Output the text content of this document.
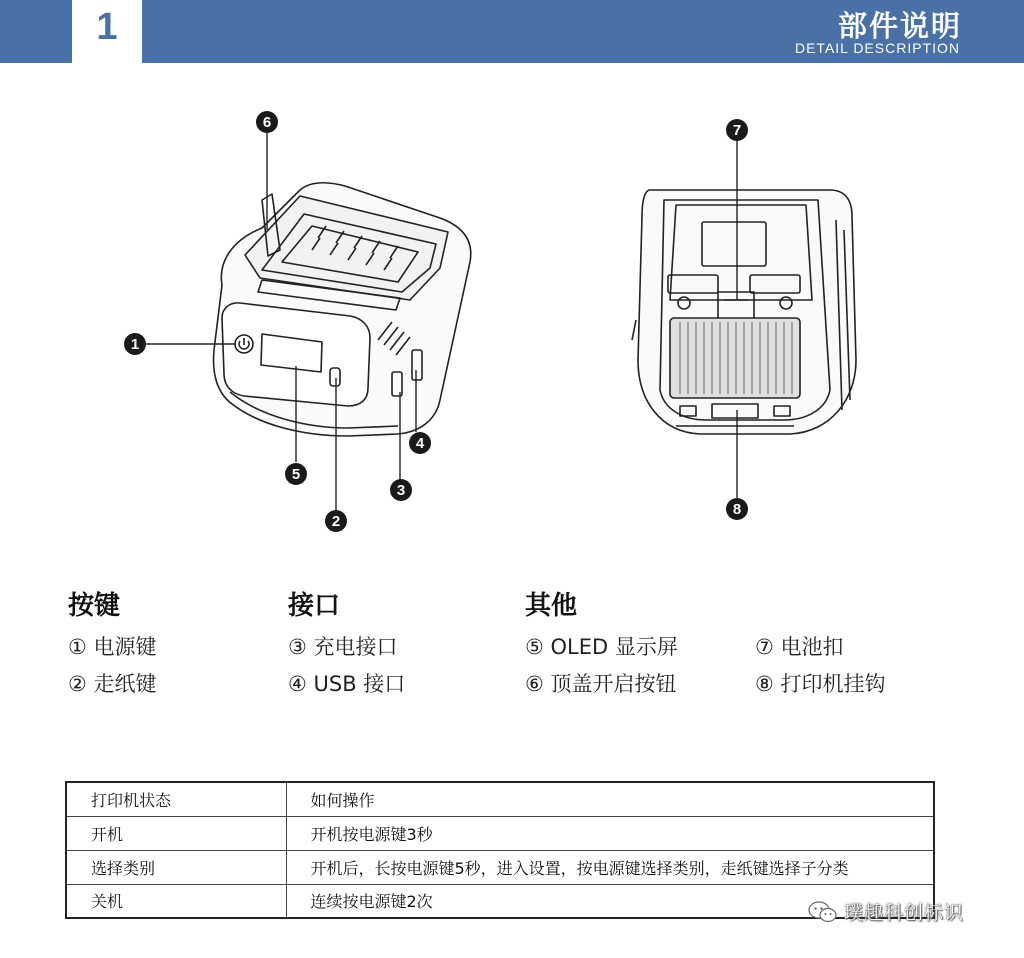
1	部件说明
DETAIL DESCRIPTION
1
2
3
4
5
6	7
8
按键
① 电源键
② 走纸键
接口
③ 充电接口
④ USB 接口
其他
⑤ OLED 显示屏
⑥ 顶盖开启按钮
⑦ 电池扣
⑧ 打印机挂钩
打印机状态	如何操作
开机	开机按电源键3秒
选择类别	开机后，长按电源键5秒，进入设置，按电源键选择类别，走纸键选择子分类
关机	连续按电源键2次
璞趣科创标识
